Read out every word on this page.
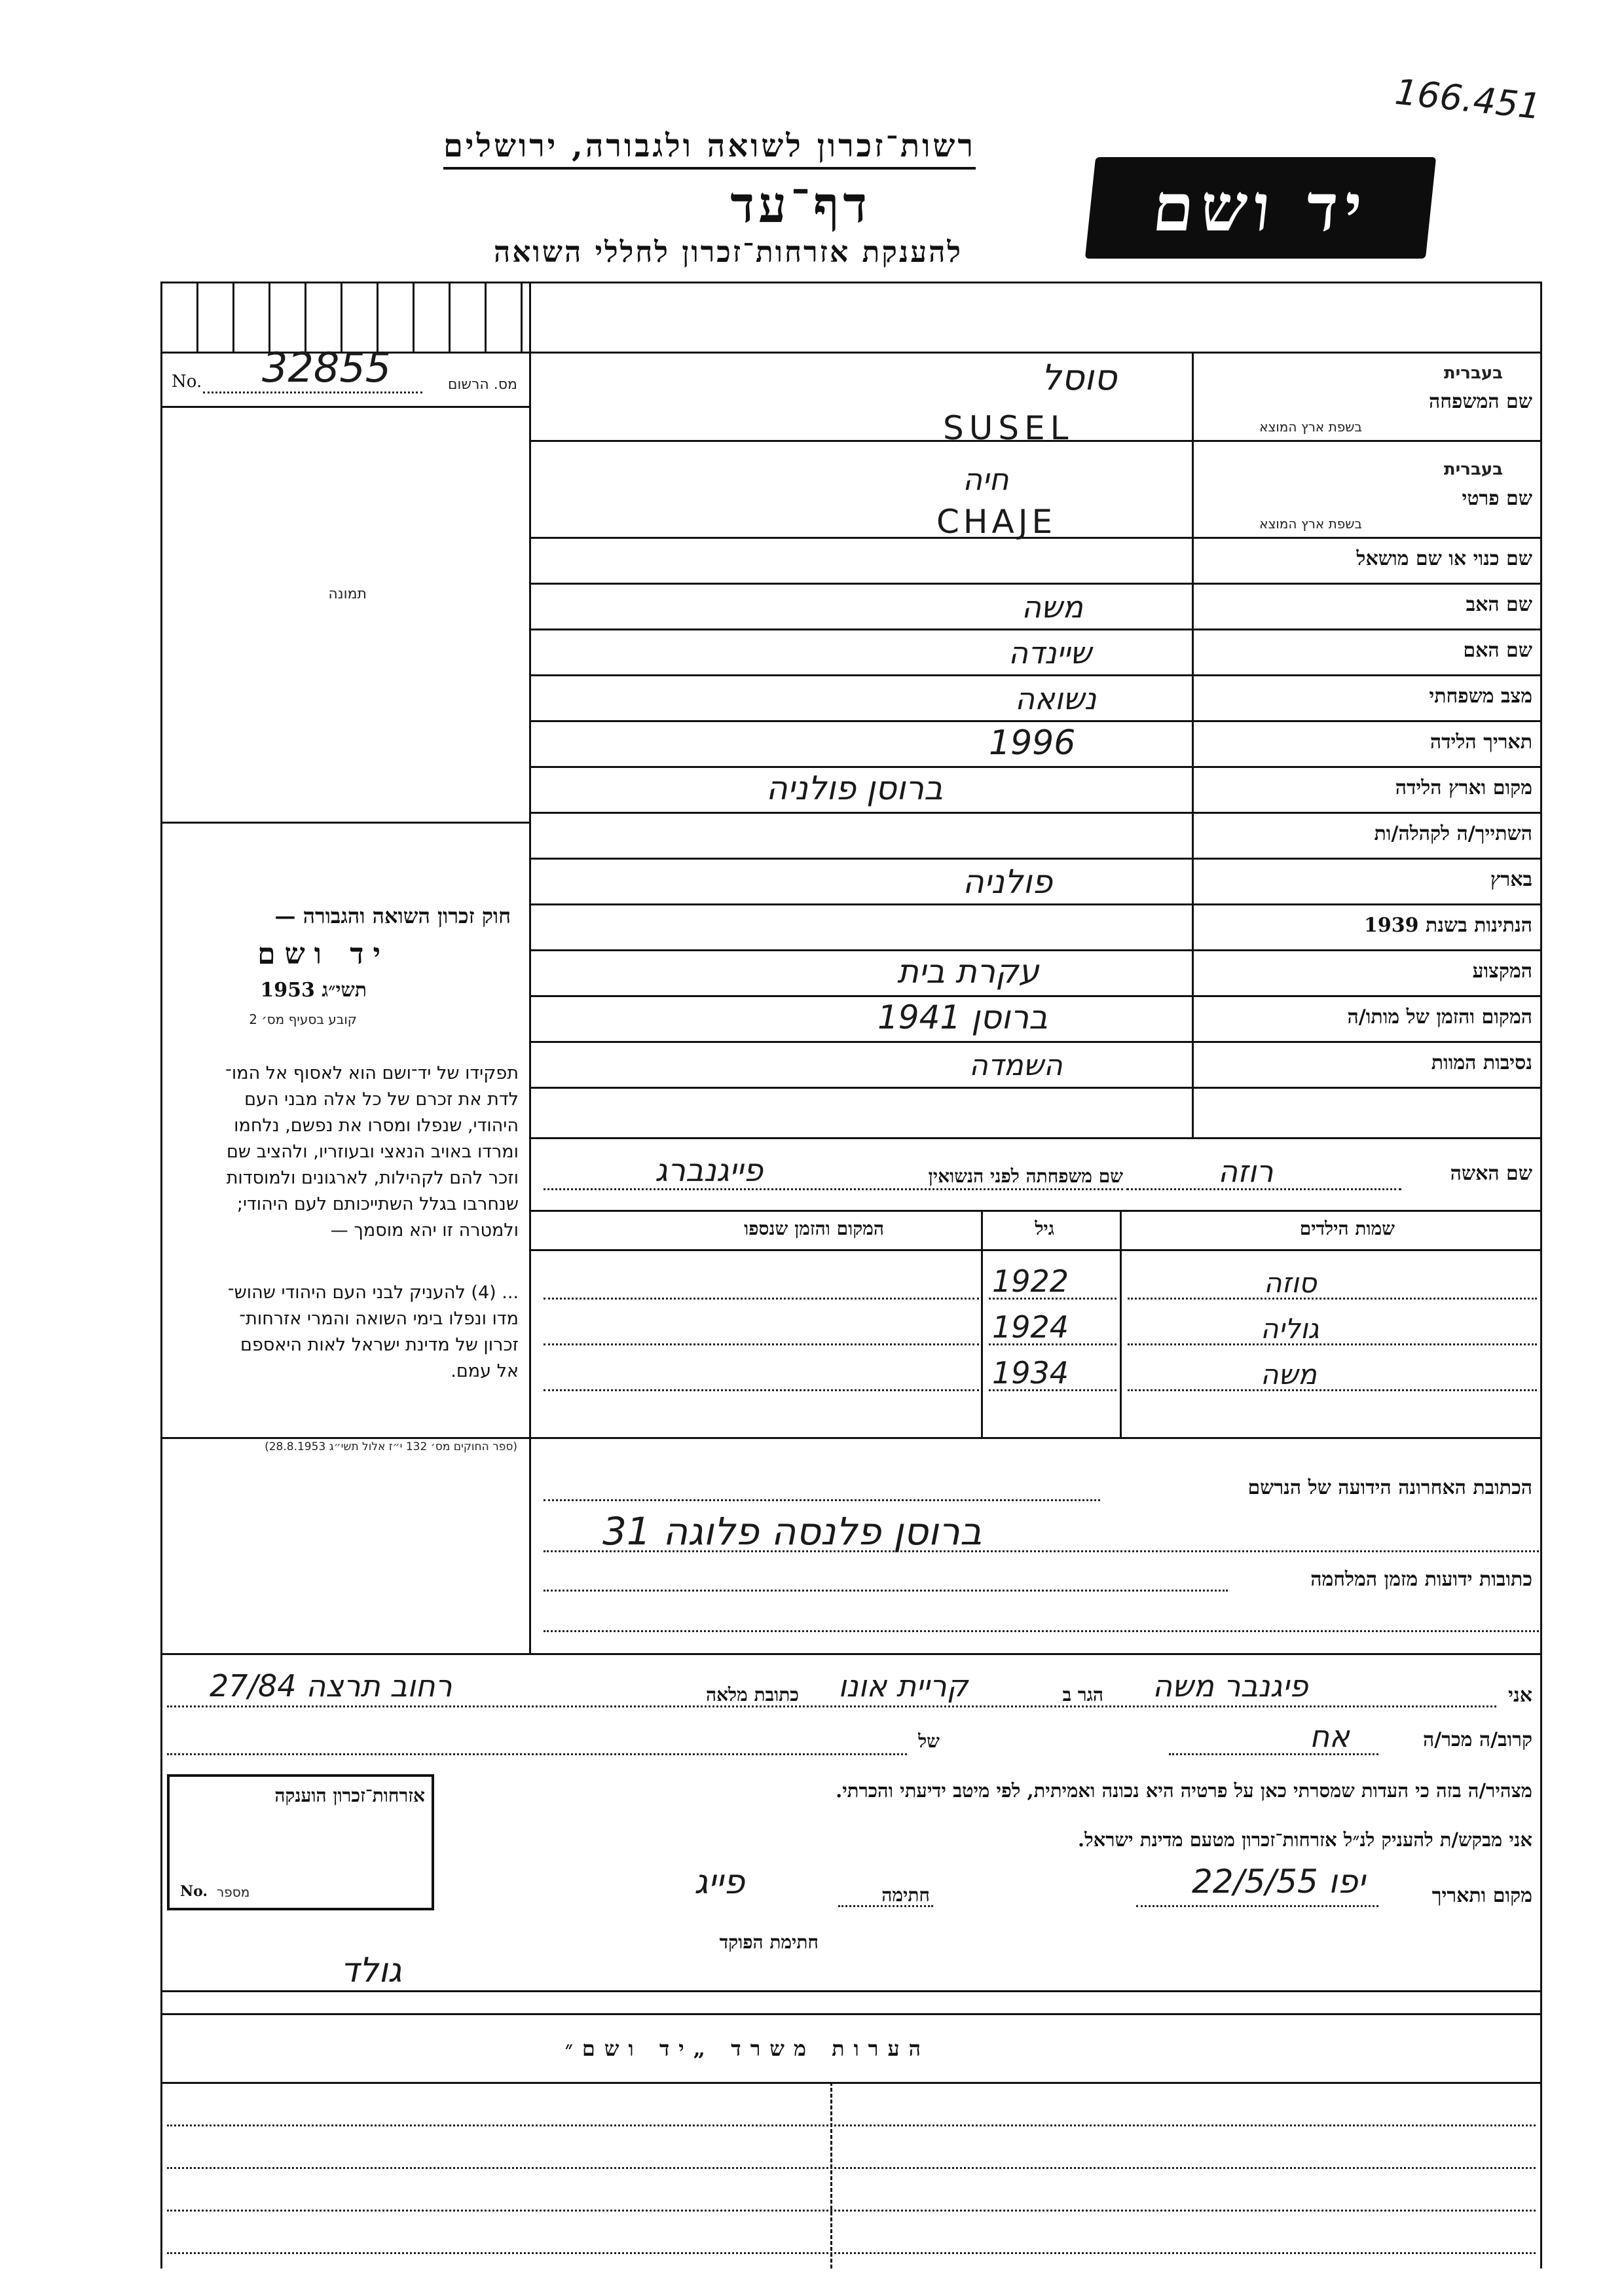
166.451
רשות־זכרון לשואה ולגבורה, ירושלים
דף־עד
להענקת אזרחות־זכרון לחללי השואה
יד ושם
No. 32855	מס. הרשום
תמונה
חוק זכרון השואה והגבורה —
יד ושם
תשי״ג 1953
קובע בסעיף מס׳ 2
תפקידו של יד־ושם הוא לאסוף אל המו־
לדת את זכרם של כל אלה מבני העם
היהודי, שנפלו ומסרו את נפשם, נלחמו
ומרדו באויב הנאצי ובעוזריו, ולהציב שם
וזכר להם לקהילות, לארגונים ולמוסדות
שנחרבו בגלל השתייכותם לעם היהודי;
ולמטרה זו יהא מוסמך —
... (4) להעניק לבני העם היהודי שהוש־
מדו ונפלו בימי השואה והמרי אזרחות־
זכרון של מדינת ישראל לאות היאספם
אל עמם.
(ספר החוקים מס׳ 132 י״ז אלול תשי״ג 28.8.1953)
בעברית
שם המשפחה
בשפת ארץ המוצא
סוסל
SUSEL
בעברית
שם פרטי
בשפת ארץ המוצא
חיה
CHAJE
שם כנוי או שם מושאל
שם האב
משה
שם האם
שיינדה
מצב משפחתי
נשואה
תאריך הלידה
1996
מקום וארץ הלידה
ברוסן פולניה
השתייך/ה לקהלה/ות
בארץ
פולניה
הנתינות בשנת 1939
המקצוע
עקרת בית
המקום והזמן של מותו/ה
ברוסן 1941
נסיבות המוות
השמדה
שם האשה
רוזה
שם משפחתה לפני הנשואין
פייגנברג
שמות הילדים
גיל
המקום והזמן שנספו
סוזה
1922
גוליה
1924
משה
1934
הכתובת האחרונה הידועה של הנרשם
ברוסן פלנסה פלוגה 31
כתובות ידועות מזמן המלחמה
אני
פיגנבר משה
הגר ב
קריית אונו
כתובת מלאה
רחוב תרצה 27/84
קרוב/ה מכר/ה
אח
של
מצהיר/ה בזה כי העדות שמסרתי כאן על פרטיה היא נכונה ואמיתית, לפי מיטב ידיעתי והכרתי.
אני מבקש/ת להעניק לנ״ל אזרחות־זכרון מטעם מדינת ישראל.
מקום ותאריך
יפו 22/5/55
חתימה
פייג
חתימת הפוקד
גולד
אזרחות־זכרון הוענקה
No. מספר
הערות משרד „יד ושם״
